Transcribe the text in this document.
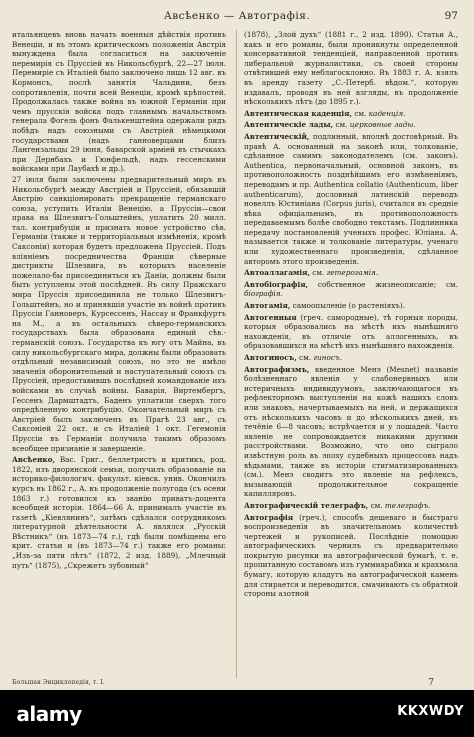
Авсѣенко — Автографія.	97

итальянцевъ вновь начать военныя дѣйствія противъ Венеціи, и въ этомъ критическомъ положеніи Австрія вынуждена была согласиться на заключеніе перемирія съ Пруссіей въ Никольсбургѣ, 22—27 іюля. Перемиріе съ Италіей было заключено лишь 12 авг. въ Кормонсъ, послѣ занятія Чальдини, безъ сопротивленія, почти всей Венеціи, кромѣ крѣпостей. Продолжалась также война въ южной Германіи при чемъ прусскія войска подъ главнымъ начальствомъ генерала Фогель фонъ Фалькенштейна одержали рядъ побѣдъ надъ союзными съ Австріей нѣмецкими государствами (надъ ганноверцами близъ Лангензальцы 29 іюня, баварской арміей въ стычкахъ при Дернбахъ и Гюнфельдѣ, надъ гессенскими войсками при Лаубахѣ и др.).

27 іюля были заключены предварительный миръ въ Никольсбургѣ между Австріей и Пруссіей, обязавшій Австрію санкціонировать прекращеніе германскаго союза, уступить Италіи Венецію, а Пруссіи—свои права на Шлезвигъ-Гольштейнъ, уплатить 20 милл. тал. контрибуціи и признать новое устройство сѣв. Германіи (также и территоріальныя измѣненія, кромѣ Саксоніи) которая будетъ предложена Пруссіей. Подъ вліяніемъ посредничества Франціи сѣверные дистрикты Шлезвига, въ которыхъ населеніе пожелало-бы присоединиться къ Даніи, должны были быть уступлены этой послѣдней. Въ силу Пражскаго мира Пруссія присоединила не только Шлезвигъ-Гольштейнъ, но и принявшія участіе въ войнѣ противъ Пруссіи Ганноверъ, Курсессенъ, Нассау и Франкфуртъ на М., а въ остальныхъ сѣверо-германскихъ государствахъ была образована единый сѣв.-германскій союзъ. Государства къ югу отъ Майна, въ силу никольсбургскаго мира, должны были образовать отдѣльный независимый союзъ, но это не имѣло значенія оборонительный и наступательный союзъ съ Пруссіей, предоставившъ послѣдней командованіе ихъ войсками въ случаѣ войны. Баварія, Виртембергъ, Гессенъ Дармштадтъ, Баденъ уплатили сверхъ того опредѣленную контрибуцію. Окончательный миръ съ Австріей былъ заключенъ въ Прагѣ 23 авг., съ Саксоніей 22 окт. и съ Италіей 1 окт. Гегемонія Пруссіи въ Германіи получила такимъ образомъ всеобщее признаніе и завершеніе.

Авсѣенко, Вас. Григ., беллетристъ и критикъ, род. 1822, изъ дворянской семьи, получилъ образованіе на историко-филологич. факульт. кіевск. унив. Окончилъ курсъ въ 1862 г., А. въ продолженіе полугода (съ осени 1863 г.) готовился къ званію приватъ-доцента всеобщей исторіи. 1864—66 А. принималъ участіе въ газетѣ „Кіевлянинъ“, затѣмъ сдѣлался сотрудникомъ литературной дѣятельности А. являлся „Русскій Вѣстникъ“ (въ 1873—74 г.), гдѣ были помѣщены его крит. статьи и (въ 1873—74 г.) также его романы: „Изъ-за пяти лѣтъ“ (1872, 2 изд. 1889), „Млечный путь“ (1875), „Скрежетъ зубовный“

(1878), „Злой духъ“ (1881 г., 2 изд. 1890). Статьи А., какъ и его романы, были проникнуты определенной консервативной тенденціей, направленной противъ либеральной журналистики, съ своей стороны отвѣтившей ему неблагосклонно. Въ 1883 г. А. взялъ въ аренду газету „С.-Петерб. вѣдом.“, которую издавалъ, проводя въ ней взгляды, въ продолженіе нѣсколькихъ лѣтъ (до 1895 г.).

Автентическая каденція, см. каденція.

Автентическіе лады, см. церковные лады.

Автентическій, подлинный, вполнѣ достовѣрный. Въ правѣ A. основанный на законѣ или, толкованіе, сдѣланное самимъ законодателемъ (см. законъ). Authentica, первоначальный, основной законъ, въ противоположность позднѣйшимъ его измѣненіямъ, переводамъ и пр. Authentica collatio (Authenticum, liber authenticarum), дословный латинскій переводъ новеллъ Юстиніана (Corpus juris), считался въ средніе вѣка офиціальнымъ, въ противоположность передаваемымъ болѣе свободно текстамъ. Подлинника передачу постановленій ученыхъ профес. Юліана. А. называется также и толкованіе литературы, ученаго или художественнаго произведенія, сдѣланное авторомъ этого произведенія.

Автоаллагамія, см. гетерогамія.

Автобіографія, собственное жизнеописаніе; см. біографія.

Автогамія, самоопыленіе (о растеніяхъ).

Автогенныя (греч. самородные), тѣ горныя породы, которыя образовались на мѣстѣ ихъ нынѣшняго нахожденія, въ отличіе отъ аллогенныхъ, въ образовавшихся на мѣстѣ ихъ нынѣшняго нахожденія.

Автогиносъ, см. гиносъ.

Автографизмъ, введенное Менэ (Mesnet) названіе болѣзненнаго явленія у слабонервныхъ или истеричныхъ индивидуумовъ, заключающагося въ рефлекторномъ выступленіи на кожѣ нашихъ словъ или знаковъ, начертываемыхъ на ней, и держащихся отъ нѣсколькихъ часовъ и до нѣсколькихъ дней, въ течёніе 6—8 часовъ; встрѣчается и у лошадей. Часто явленіе не сопровождается никакими другими расстройствами. Возможно, что оно сыграло извѣстную роль въ эпоху судебныхъ процессовъ надъ вѣдьмами, также въ исторіи стигматизированныхъ (см.). Менэ сводитъ это явленіе на рефлексъ, вызывающій продолжительное сокращеніе капилляровъ.

Автографическій телеграфъ, см. телеграфъ.

Автографія (греч.), способъ дешеваго и быстраго воспроизведенія въ значительномъ количествѣ чертежей и рукописей. Послѣдніе помощью автографическихъ чернилъ съ предварительно покрытую рисунки на автографической бумагѣ, т. е. пропитанную составомъ изъ гуммиарабика и крахмала бумагу, которую кладутъ на автографической камень для стирается и переводится, смачиваютъ съ обратной стороны азотной

Большая Энциклопедія, т. I.	7
alamy	KKXWDY
